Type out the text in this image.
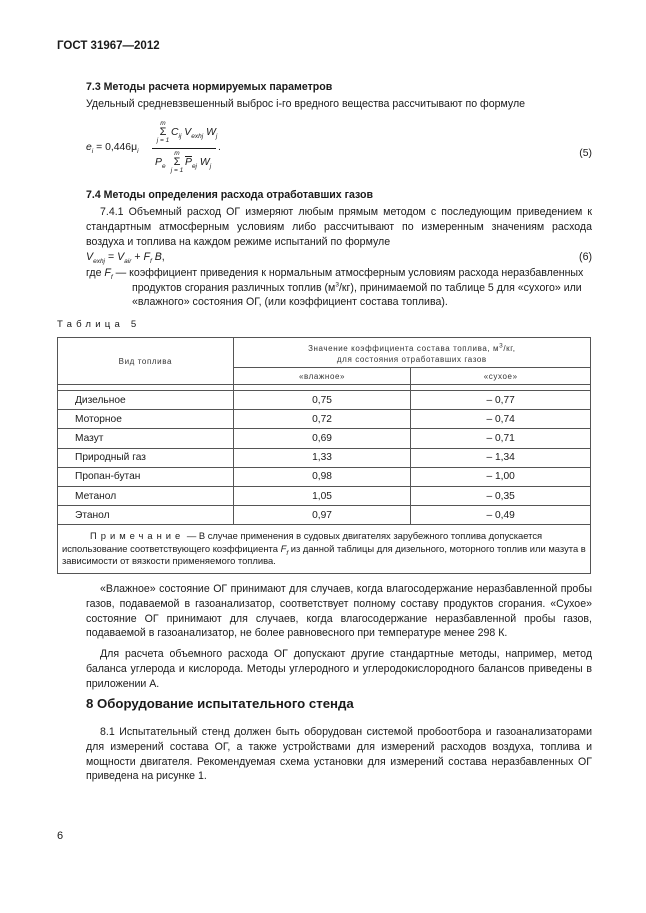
ГОСТ 31967—2012
7.3 Методы расчета нормируемых параметров
Удельный средневзвешенный выброс i-го вредного вещества рассчитывают по формуле
$e_i = 0,446\mu_i$
m
Σ
j = 1
$C_{ij}$ $V_{exhj}$ $W_j$
.
$P_e$
m
Σ
j = 1
$\overline{P}_{ej}$ $W_j$
(5)
7.4 Методы определения расхода отработавших газов
7.4.1 Объемный расход ОГ измеряют любым прямым методом с последующим приведением к стандартным атмосферным условиям либо рассчитывают по измеренным значениям расхода воздуха и топлива на каждом режиме испытаний по формуле
$V_{exhj} = V_{air} + F_f$ B,	(6)
где $F_f$ — коэффициент приведения к нормальным атмосферным условиям расхода неразбавленных
продуктов сгорания различных топлив $(м^3/кг)$, принимаемой по таблице 5 для «сухого» или
«влажного» состояния ОГ, (или коэффициент состава топлива).
Таблица 5
Вид топлива	Значение коэффициента состава топлива, $м^3/кг$,
для состояния отработавших газов	
	«влажное»	«сухое»

Дизельное	0,75	– 0,77
Моторное	0,72	– 0,74
Мазут	0,69	– 0,71
Природный газ	1,33	– 1,34
Пропан-бутан	0,98	– 1,00
Метанол	1,05	– 0,35
Этанол	0,97	– 0,49
Примечание — В случае применения в судовых двигателях зарубежного топлива допускается использование соответствующего коэффициента $F_f$ из данной таблицы для дизельного, моторного топлив или мазута в зависимости от вязкости применяемого топлива.		

«Влажное» состояние ОГ принимают для случаев, когда влагосодержание неразбавленной пробы газов, подаваемой в газоанализатор, соответствует полному составу продуктов сгорания. «Сухое» состояние ОГ принимают для случаев, когда влагосодержание неразбавленной пробы газов, подаваемой в газоанализатор, не более равновесного при температуре менее 298 К.

Для расчета объемного расхода ОГ допускают другие стандартные методы, например, метод баланса углерода и кислорода. Методы углеродного и углеродокислородного балансов приведены в приложении А.

8 Оборудование испытательного стенда
8.1 Испытательный стенд должен быть оборудован системой пробоотбора и газоанализаторами для измерений состава ОГ, а также устройствами для измерений расходов воздуха, топлива и мощности двигателя. Рекомендуемая схема установки для измерений состава неразбавленных ОГ приведена на рисунке 1.
6
